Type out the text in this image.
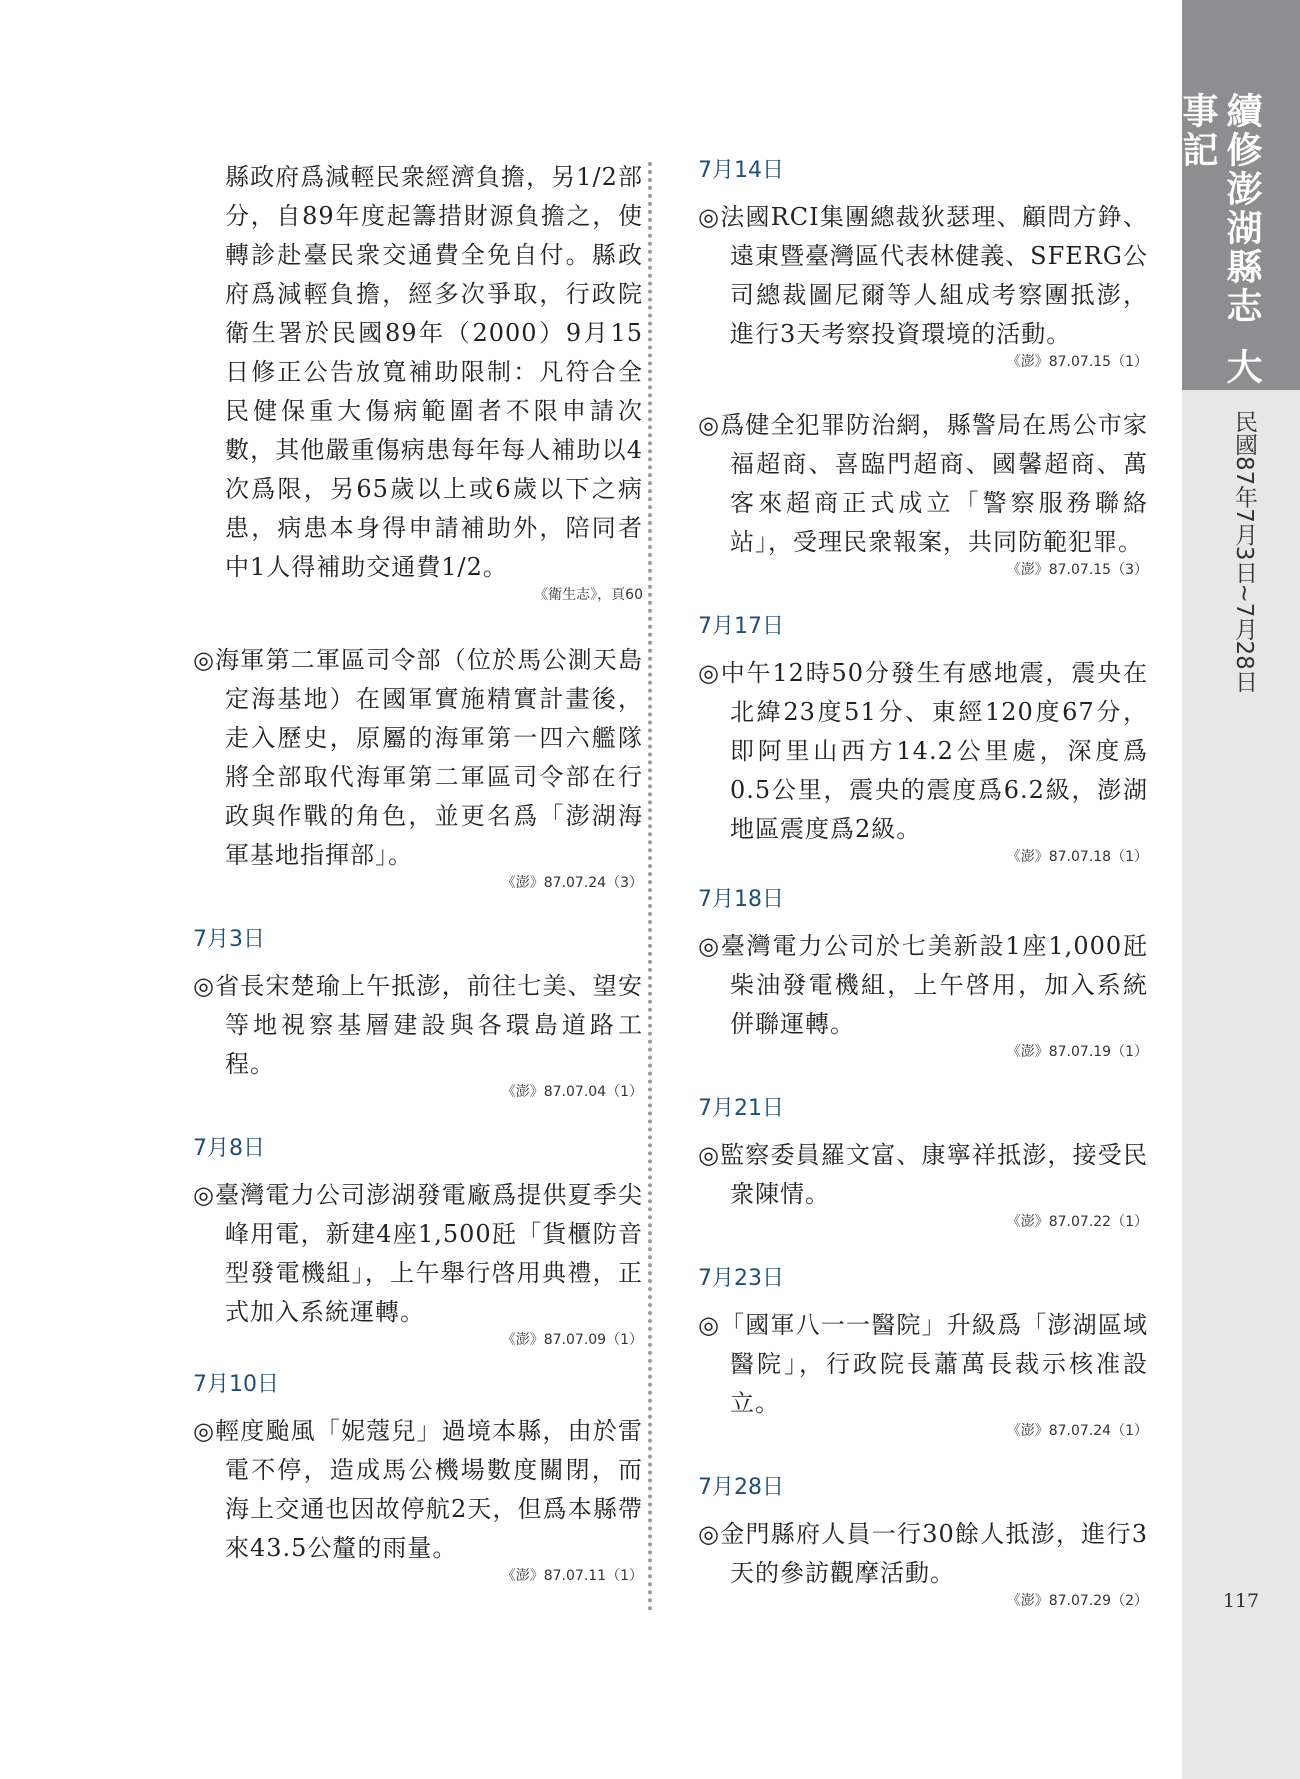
續修澎湖縣志大事記
民國87年7月3日~7月28日
117

縣政府爲減輕民衆經濟負擔，另1/2部分，自89年度起籌措財源負擔之，使轉診赴臺民衆交通費全免自付。縣政府爲減輕負擔，經多次爭取，行政院衛生署於民國89年（2000）9月15日修正公告放寬補助限制：凡符合全民健保重大傷病範圍者不限申請次數，其他嚴重傷病患每年每人補助以4次爲限，另65歲以上或6歲以下之病患，病患本身得申請補助外，陪同者中1人得補助交通費1/2。

《衛生志》，頁60

◎海軍第二軍區司令部（位於馬公測天島定海基地）在國軍實施精實計畫後，走入歷史，原屬的海軍第一四六艦隊將全部取代海軍第二軍區司令部在行政與作戰的角色，並更名爲「澎湖海軍基地指揮部」。

《澎》87.07.24（3）
7月3日

◎省長宋楚瑜上午抵澎，前往七美、望安等地視察基層建設與各環島道路工程。

《澎》87.07.04（1）
7月8日

◎臺灣電力公司澎湖發電廠爲提供夏季尖峰用電，新建4座1,500瓩「貨櫃防音型發電機組」，上午舉行啓用典禮，正式加入系統運轉。

《澎》87.07.09（1）
7月10日

◎輕度颱風「妮蔻兒」過境本縣，由於雷電不停，造成馬公機場數度關閉，而海上交通也因故停航2天，但爲本縣帶來43.5公釐的雨量。

《澎》87.07.11（1）
7月14日

◎法國RCI集團總裁狄瑟理、顧問方錚、遠東暨臺灣區代表林健義、SFERG公司總裁圖尼爾等人組成考察團抵澎，進行3天考察投資環境的活動。

《澎》87.07.15（1）

◎爲健全犯罪防治網，縣警局在馬公市家福超商、喜臨門超商、國馨超商、萬客來超商正式成立「警察服務聯絡站」，受理民衆報案，共同防範犯罪。

《澎》87.07.15（3）
7月17日

◎中午12時50分發生有感地震，震央在北緯23度51分、東經120度67分，即阿里山西方14.2公里處，深度爲0.5公里，震央的震度爲6.2級，澎湖地區震度爲2級。

《澎》87.07.18（1）
7月18日

◎臺灣電力公司於七美新設1座1,000瓩柴油發電機組，上午啓用，加入系統併聯運轉。

《澎》87.07.19（1）
7月21日

◎監察委員羅文富、康寧祥抵澎，接受民衆陳情。

《澎》87.07.22（1）
7月23日

◎「國軍八一一醫院」升級爲「澎湖區域醫院」，行政院長蕭萬長裁示核准設立。

《澎》87.07.24（1）
7月28日

◎金門縣府人員一行30餘人抵澎，進行3天的參訪觀摩活動。

《澎》87.07.29（2）
